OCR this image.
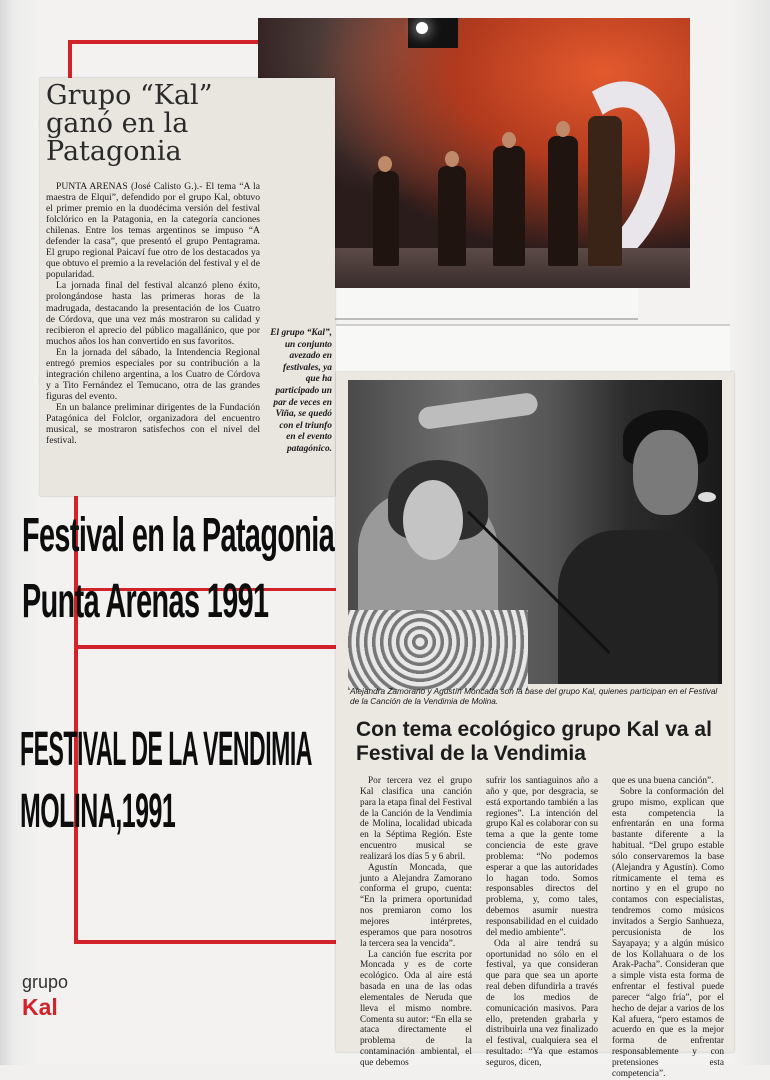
Grupo “Kal” ganó en la Patagonia

PUNTA ARENAS (José Calisto G.).- El tema “A la maestra de Elqui”, defendido por el grupo Kal, obtuvo el primer premio en la duodécima versión del festival folclórico en la Patagonia, en la categoría canciones chilenas. Entre los temas argentinos se impuso “A defender la casa”, que presentó el grupo Pentagrama. El grupo regional Paicaví fue otro de los destacados ya que obtuvo el premio a la revelación del festival y el de popularidad.

La jornada final del festival alcanzó pleno éxito, prolongándose hasta las primeras horas de la madrugada, destacando la presentación de los Cuatro de Córdova, que una vez más mostraron su calidad y recibieron el aprecio del público magallánico, que por muchos años los han convertido en sus favoritos.

En la jornada del sábado, la Intendencia Regional entregó premios especiales por su contribución a la integración chileno argentina, a los Cuatro de Córdova y a Tito Fernández el Temucano, otra de las grandes figuras del evento.

En un balance preliminar dirigentes de la Fundación Patagónica del Folclor, organizadora del encuentro musical, se mostraron satisfechos con el nivel del festival.

El grupo “Kal”, un conjunto avezado en festivales, ya que ha participado un par de veces en Viña, se quedó con el triunfo en el evento patagónico.
Festival en la Patagonia
Punta Arenas 1991
FESTIVAL DE LA VENDIMIA
MOLINA,1991
Alejandra Zamorano y Agustín Moncada son la base del grupo Kal, quienes participan en el Festival de la Canción de la Vendimia de Molina.
Con tema ecológico grupo Kal va al Festival de la Vendimia

Por tercera vez el grupo Kal clasifica una canción para la etapa final del Festival de la Canción de la Vendimia de Molina, localidad ubicada en la Séptima Región. Este encuentro musical se realizará los días 5 y 6 abril.

Agustín Moncada, que junto a Alejandra Zamorano conforma el grupo, cuenta: “En la primera oportunidad nos premiaron como los mejores intérpretes, esperamos que para nosotros la tercera sea la vencida”.

La canción fue escrita por Moncada y es de corte ecológico. Oda al aire está basada en una de las odas elementales de Neruda que lleva el mismo nombre. Comenta su autor: “En ella se ataca directamente el problema de la contaminación ambiental, el que debemos

sufrir los santiaguinos año a año y que, por desgracia, se está exportando también a las regiones”. La intención del grupo Kal es colaborar con su tema a que la gente tome conciencia de este grave problema: “No podemos esperar a que las autoridades lo hagan todo. Somos responsables directos del problema, y, como tales, debemos asumir nuestra responsabilidad en el cuidado del medio ambiente”.

Oda al aire tendrá su oportunidad no sólo en el festival, ya que consideran que para que sea un aporte real deben difundirla a través de los medios de comunicación masivos. Para ello, pretenden grabarla y distribuirla una vez finalizado el festival, cualquiera sea el resultado: “Ya que estamos seguros, dicen,

que es una buena canción”.

Sobre la conformación del grupo mismo, explican que esta competencia la enfrentarán en una forma bastante diferente a la habitual. “Del grupo estable sólo conservaremos la base (Alejandra y Agustín). Como rítmicamente el tema es nortino y en el grupo no contamos con especialistas, tendremos como músicos invitados a Sergio Sanhueza, percusionista de los Sayapaya; y a algún músico de los Kollahuara o de los Arak-Pacha”. Consideran que a simple vista esta forma de enfrentar el festival puede parecer “algo fría”, por el hecho de dejar a varios de los Kal afuera, “pero estamos de acuerdo en que es la mejor forma de enfrentar responsablemente y con pretensiones esta competencia”.

grupo
Kal
